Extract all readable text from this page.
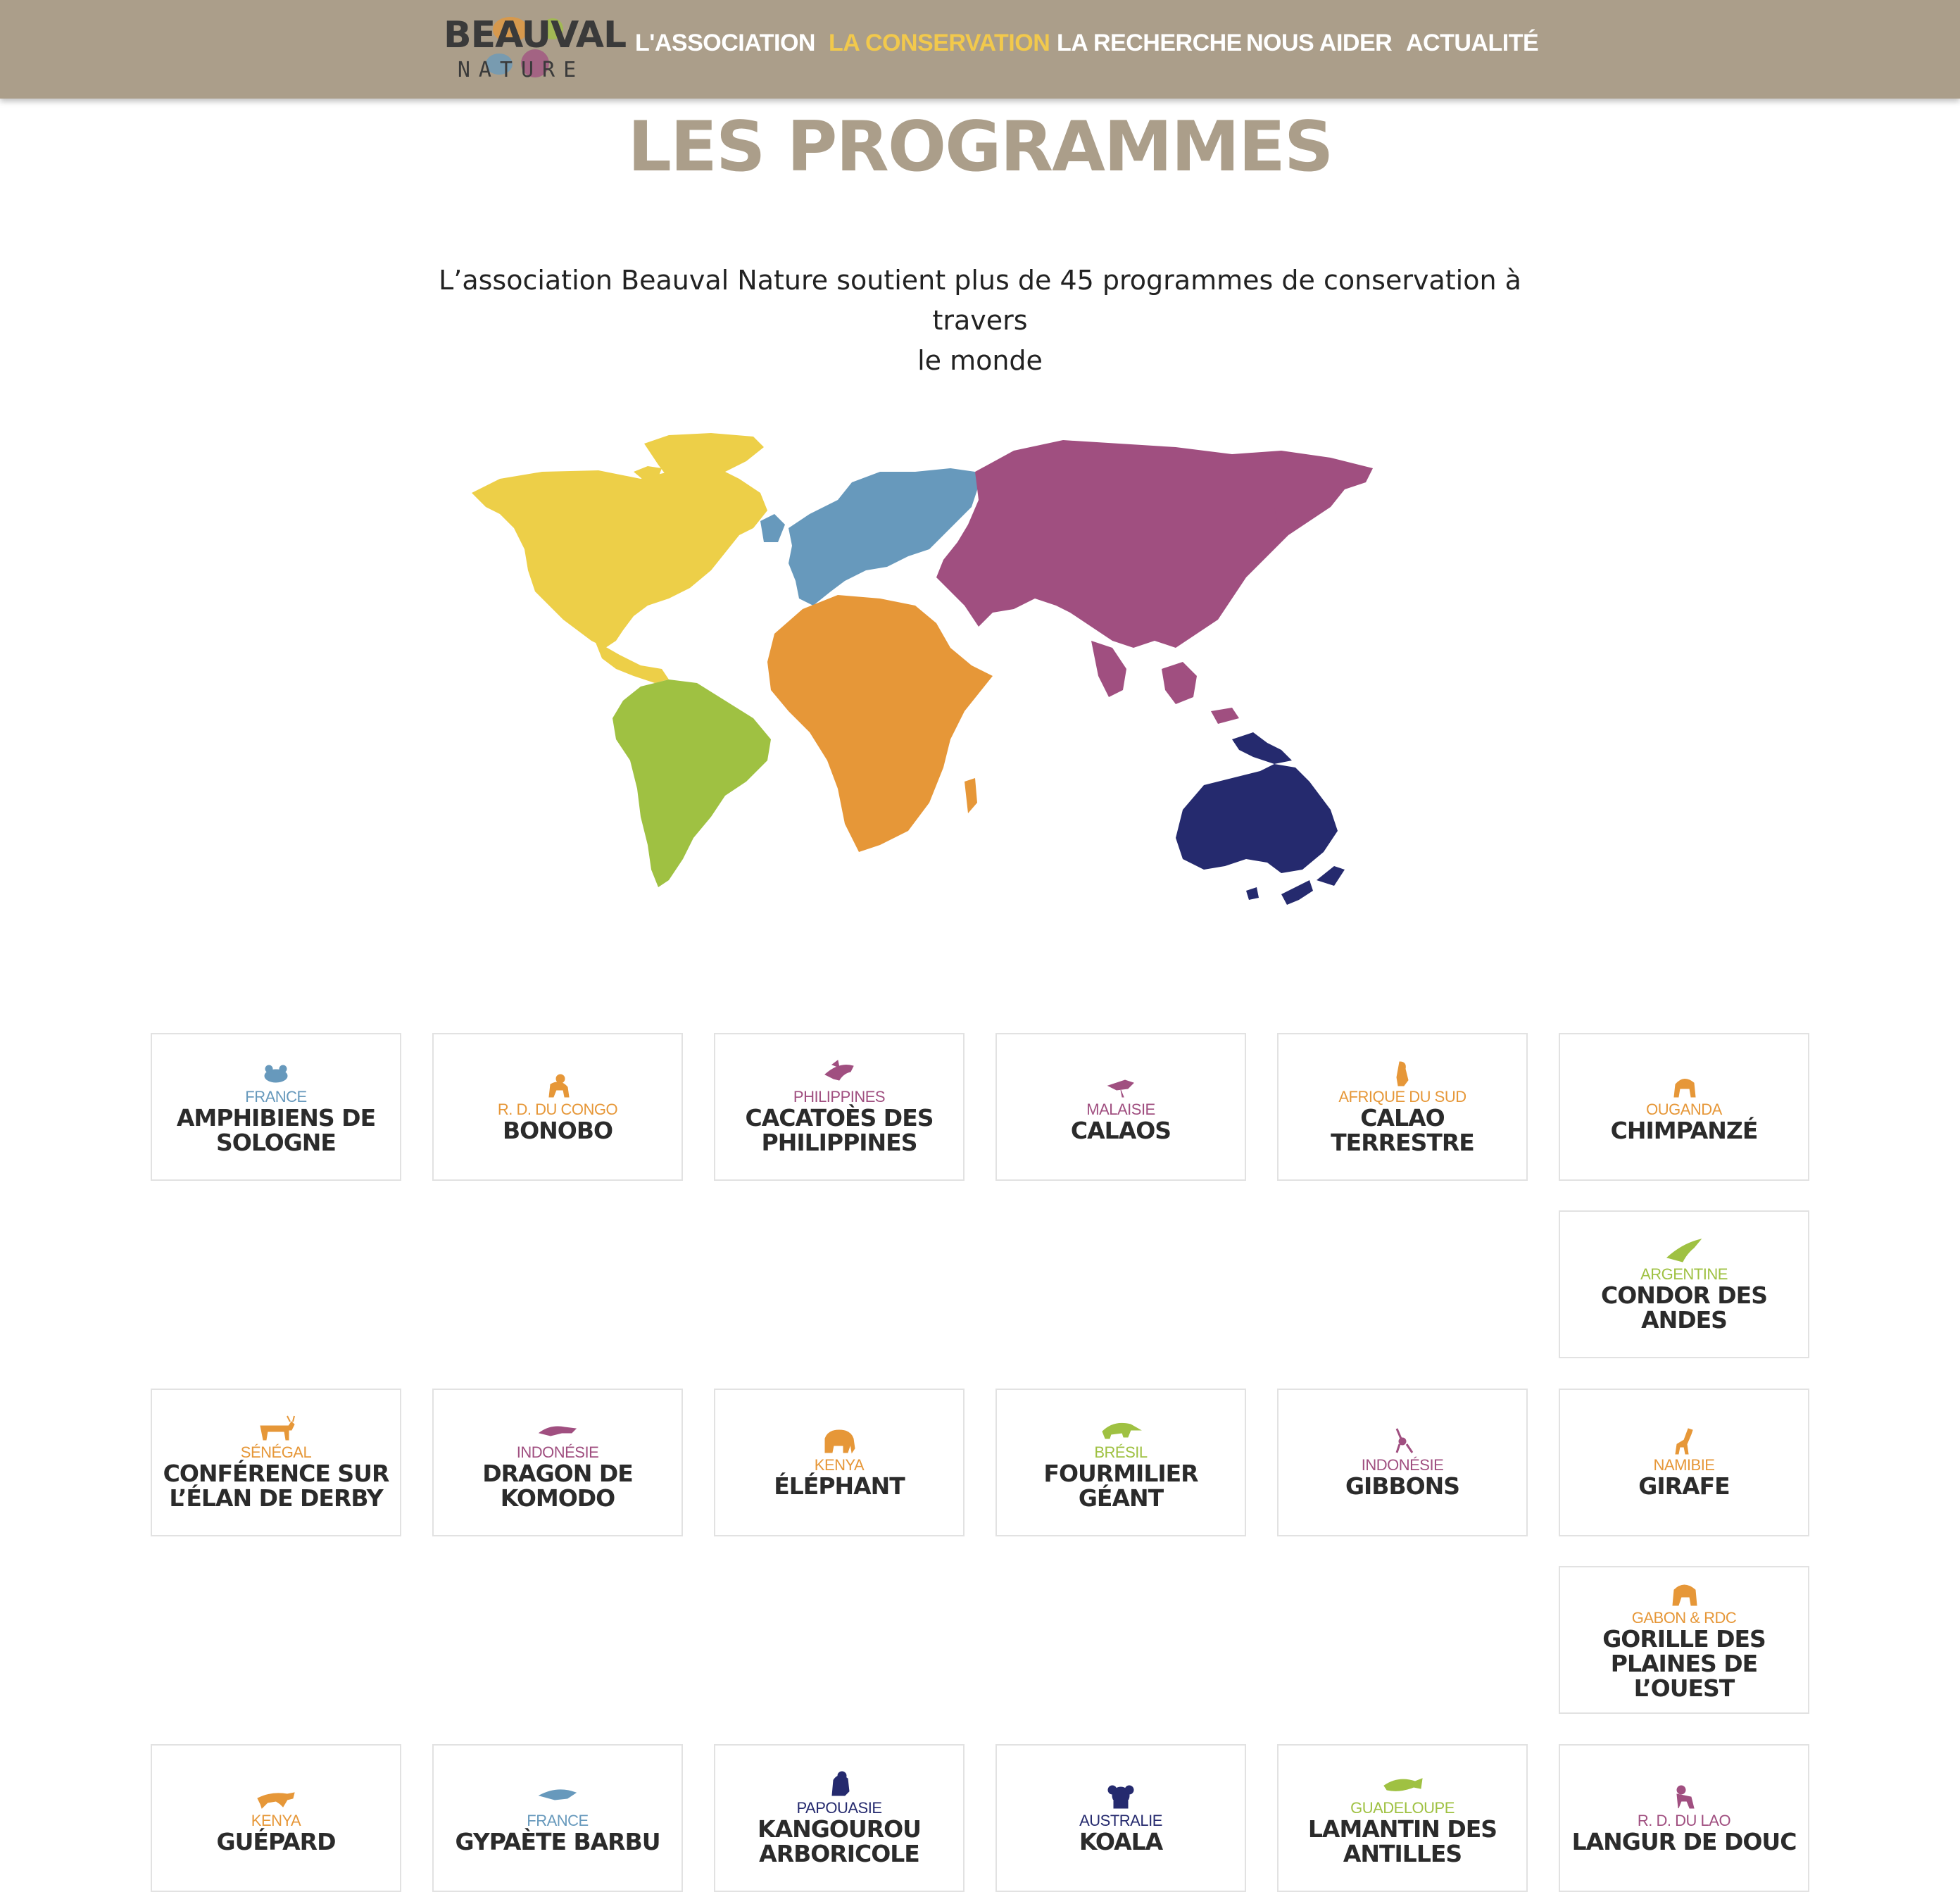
BEAUVAL
NATURE
L'ASSOCIATION LA CONSERVATION LA RECHERCHE NOUS AIDER ACTUALITÉ
LES PROGRAMMES
L’association Beauval Nature soutient plus de 45 programmes de conservation à travers
le monde
FRANCE
AMPHIBIENS DE SOLOGNE
R. D. DU CONGO
BONOBO
PHILIPPINES
CACATOÈS DES PHILIPPINES
MALAISIE
CALAOS
AFRIQUE DU SUD
CALAO TERRESTRE
OUGANDA
CHIMPANZÉ
ARGENTINE
CONDOR DES ANDES
SÉNÉGAL
CONFÉRENCE SUR L’ÉLAN DE DERBY
INDONÉSIE
DRAGON DE KOMODO
KENYA
ÉLÉPHANT
BRÉSIL
FOURMILIER GÉANT
INDONÉSIE
GIBBONS
NAMIBIE
GIRAFE
GABON & RDC
GORILLE DES PLAINES DE L’OUEST
KENYA
GUÉPARD
FRANCE
GYPAÈTE BARBU
PAPOUASIE
KANGOUROU ARBORICOLE
AUSTRALIE
KOALA
GUADELOUPE
LAMANTIN DES ANTILLES
R. D. DU LAO
LANGUR DE DOUC
